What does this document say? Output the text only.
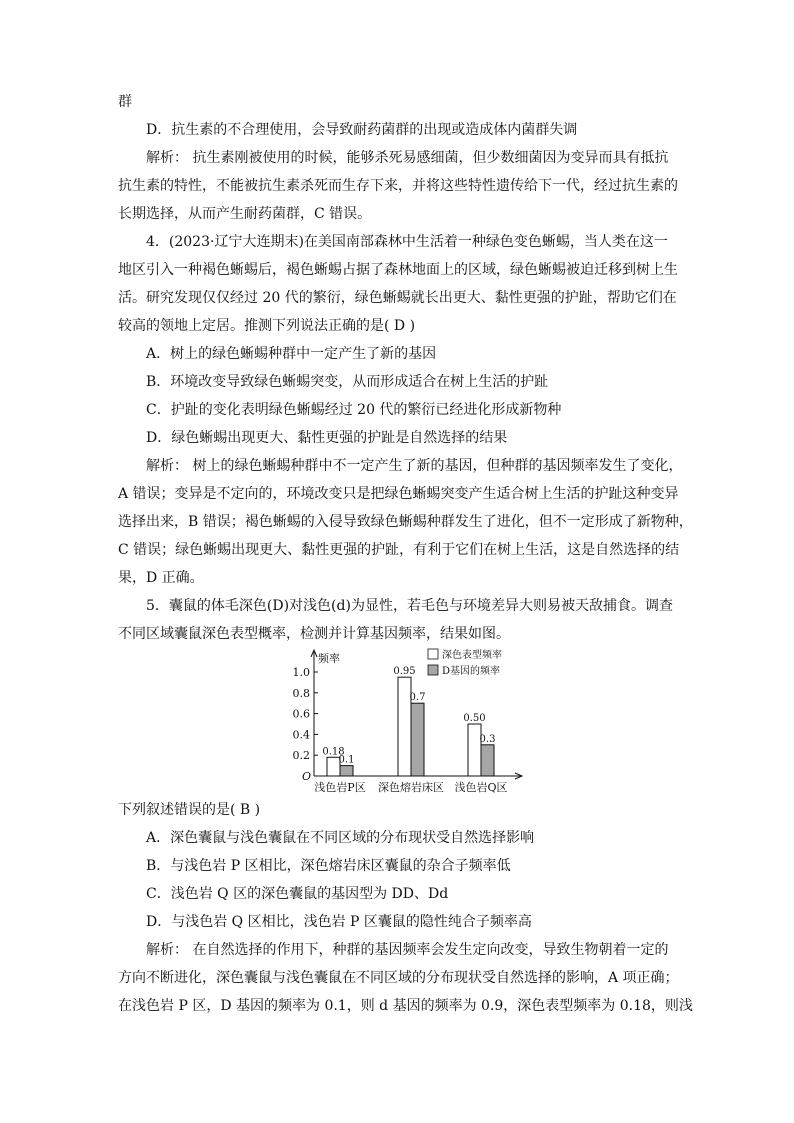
群
D．抗生素的不合理使用，会导致耐药菌群的出现或造成体内菌群失调
解析： 抗生素刚被使用的时候，能够杀死易感细菌，但少数细菌因为变异而具有抵抗
抗生素的特性，不能被抗生素杀死而生存下来，并将这些特性遗传给下一代，经过抗生素的
长期选择，从而产生耐药菌群，C 错误。
4．(2023·辽宁大连期末)在美国南部森林中生活着一种绿色变色蜥蜴，当人类在这一
地区引入一种褐色蜥蜴后，褐色蜥蜴占据了森林地面上的区域，绿色蜥蜴被迫迁移到树上生
活。研究发现仅仅经过 20 代的繁衍，绿色蜥蜴就长出更大、黏性更强的护趾，帮助它们在
较高的领地上定居。推测下列说法正确的是( D )
A．树上的绿色蜥蜴种群中一定产生了新的基因
B．环境改变导致绿色蜥蜴突变，从而形成适合在树上生活的护趾
C．护趾的变化表明绿色蜥蜴经过 20 代的繁衍已经进化形成新物种
D．绿色蜥蜴出现更大、黏性更强的护趾是自然选择的结果
解析： 树上的绿色蜥蜴种群中不一定产生了新的基因，但种群的基因频率发生了变化，
A 错误；变异是不定向的，环境改变只是把绿色蜥蜴突变产生适合树上生活的护趾这种变异
选择出来，B 错误；褐色蜥蜴的入侵导致绿色蜥蜴种群发生了进化，但不一定形成了新物种，
C 错误；绿色蜥蜴出现更大、黏性更强的护趾，有利于它们在树上生活，这是自然选择的结
果，D 正确。
5．囊鼠的体毛深色(D)对浅色(d)为显性，若毛色与环境差异大则易被天敌捕食。调查
不同区域囊鼠深色表型概率，检测并计算基因频率，结果如图。
频率
O
0.2
0.4
0.6
0.8
1.0
0.18
0.1
0.95
0.7
0.50
0.3
浅色岩P区 深色熔岩床区 浅色岩Q区
深色表型频率
D基因的频率
下列叙述错误的是( B )
A．深色囊鼠与浅色囊鼠在不同区域的分布现状受自然选择影响
B．与浅色岩 P 区相比，深色熔岩床区囊鼠的杂合子频率低
C．浅色岩 Q 区的深色囊鼠的基因型为 DD、Dd
D．与浅色岩 Q 区相比，浅色岩 P 区囊鼠的隐性纯合子频率高
解析： 在自然选择的作用下，种群的基因频率会发生定向改变，导致生物朝着一定的
方向不断进化，深色囊鼠与浅色囊鼠在不同区域的分布现状受自然选择的影响，A 项正确；
在浅色岩 P 区，D 基因的频率为 0.1，则 d 基因的频率为 0.9，深色表型频率为 0.18，则浅
